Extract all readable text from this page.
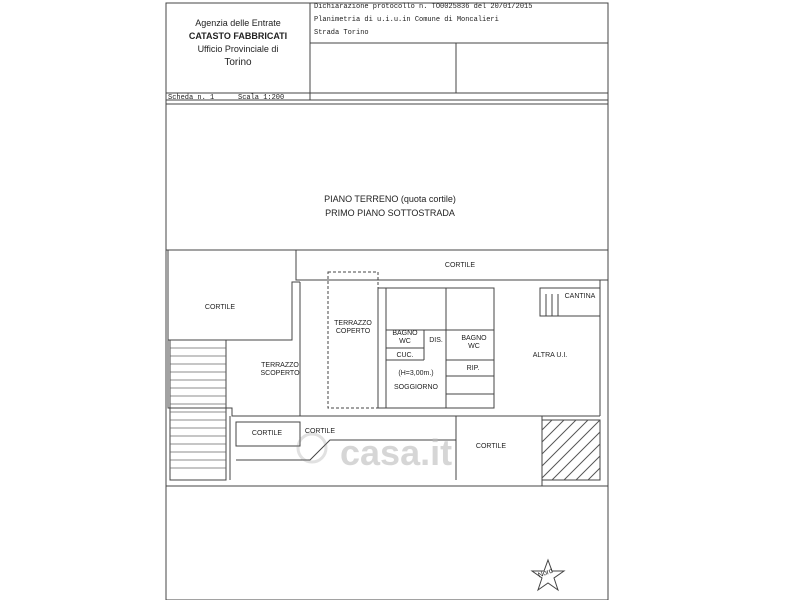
Agenzia delle Entrate
CATASTO FABBRICATI
Ufficio Provinciale di
Torino
Dichiarazione protocollo n. TO0025836 del 20/01/2015
Planimetria di u.i.u.in Comune di Moncalieri
Strada Torino
Scheda n. 1	Scala 1:200
PIANO TERRENO (quota cortile)
PRIMO PIANO SOTTOSTRADA
CORTILE
CORTILE
CANTINA
TERRAZZO
COPERTO	BAGNO
WC	DIS.	BAGNO
WC
ALTRA U.I.
CUC.
TERRAZZO
SCOPERTO
RIP.
(H=3,00m.)
SOGGIORNO
CORTILE	CORTILE
CORTILE
casa.it
Nord
